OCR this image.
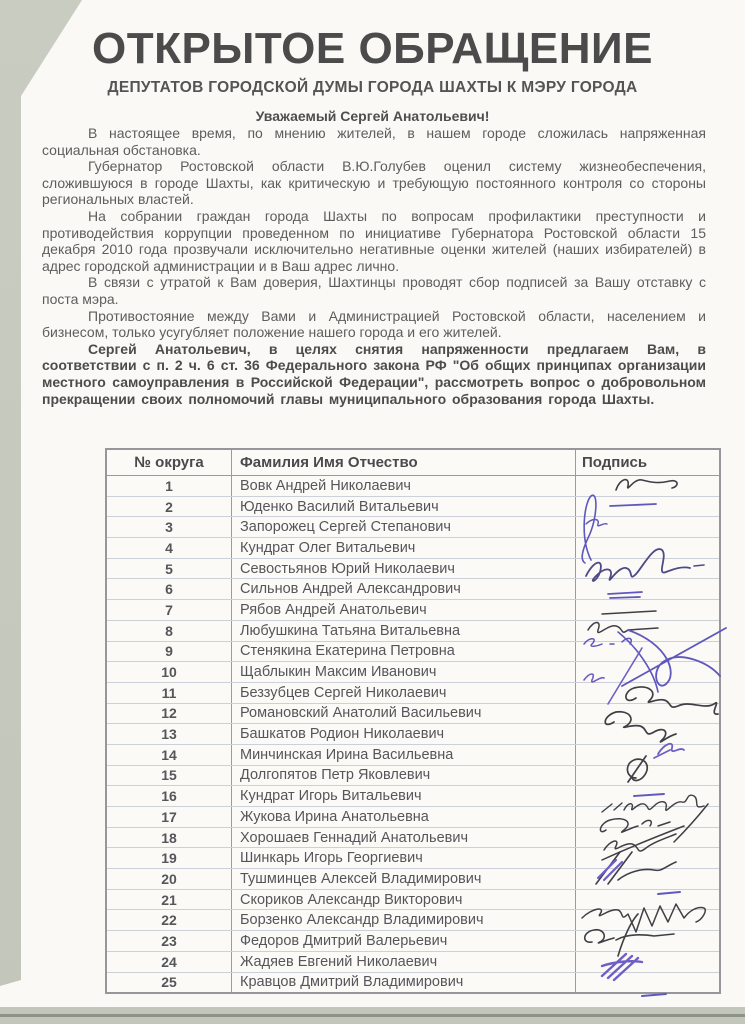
ОТКРЫТОЕ ОБРАЩЕНИЕ
ДЕПУТАТОВ ГОРОДСКОЙ ДУМЫ ГОРОДА ШАХТЫ К МЭРУ ГОРОДА
Уважаемый Сергей Анатольевич!

В настоящее время, по мнению жителей, в нашем городе сложилась напряженная социальная обстановка.

Губернатор Ростовской области В.Ю.Голубев оценил систему жизнеобеспечения, сложившуюся в городе Шахты, как критическую и требующую постоянного контроля со стороны региональных властей.

На собрании граждан города Шахты по вопросам профилактики преступности и противодействия коррупции проведенном по инициативе Губернатора Ростовской области 15 декабря 2010 года прозвучали исключительно негативные оценки жителей (наших избирателей) в адрес городской администрации и в Ваш адрес лично.

В связи с утратой к Вам доверия, Шахтинцы проводят сбор подписей за Вашу отставку с поста мэра.

Противостояние между Вами и Администрацией Ростовской области, населением и бизнесом, только усугубляет положение нашего города и его жителей.

Сергей Анатольевич, в целях снятия напряженности предлагаем Вам, в соответствии с п. 2 ч. 6 ст. 36 Федерального закона РФ "Об общих принципах организации местного самоуправления в Российской Федерации", рассмотреть вопрос о добровольном прекращении своих полномочий главы муниципального образования города Шахты.

№ округа	Фамилия Имя Отчество	Подпись
1	Вовк Андрей Николаевич
2	Юденко Василий Витальевич
3	Запорожец Сергей Степанович
4	Кундрат Олег Витальевич
5	Севостьянов Юрий Николаевич
6	Сильнов Андрей Александрович
7	Рябов Андрей Анатольевич
8	Любушкина Татьяна Витальевна
9	Стенякина Екатерина Петровна
10	Щаблыкин Максим Иванович
11	Беззубцев Сергей Николаевич
12	Романовский Анатолий Васильевич
13	Башкатов Родион Николаевич
14	Минчинская Ирина Васильевна
15	Долгопятов Петр Яковлевич
16	Кундрат Игорь Витальевич
17	Жукова Ирина Анатольевна
18	Хорошаев Геннадий Анатольевич
19	Шинкарь Игорь Георгиевич
20	Тушминцев Алексей Владимирович
21	Скориков Александр Викторович
22	Борзенко Александр Владимирович
23	Федоров Дмитрий Валерьевич
24	Жадяев Евгений Николаевич
25	Кравцов Дмитрий Владимирович
